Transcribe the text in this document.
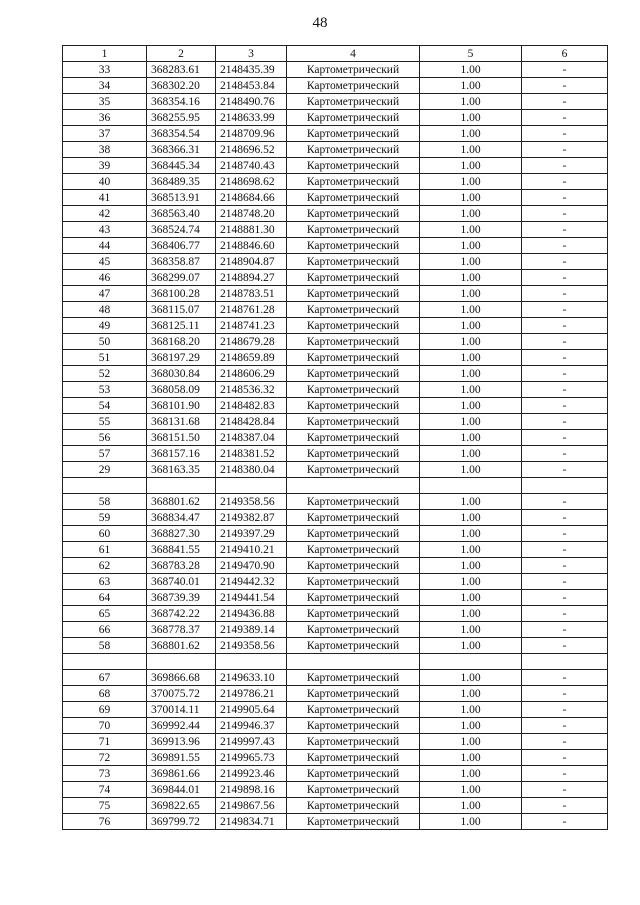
48
1	2	3	4	5	6
33	368283.61	2148435.39	Картометрический	1.00	-
34	368302.20	2148453.84	Картометрический	1.00	-
35	368354.16	2148490.76	Картометрический	1.00	-
36	368255.95	2148633.99	Картометрический	1.00	-
37	368354.54	2148709.96	Картометрический	1.00	-
38	368366.31	2148696.52	Картометрический	1.00	-
39	368445.34	2148740.43	Картометрический	1.00	-
40	368489.35	2148698.62	Картометрический	1.00	-
41	368513.91	2148684.66	Картометрический	1.00	-
42	368563.40	2148748.20	Картометрический	1.00	-
43	368524.74	2148881.30	Картометрический	1.00	-
44	368406.77	2148846.60	Картометрический	1.00	-
45	368358.87	2148904.87	Картометрический	1.00	-
46	368299.07	2148894.27	Картометрический	1.00	-
47	368100.28	2148783.51	Картометрический	1.00	-
48	368115.07	2148761.28	Картометрический	1.00	-
49	368125.11	2148741.23	Картометрический	1.00	-
50	368168.20	2148679.28	Картометрический	1.00	-
51	368197.29	2148659.89	Картометрический	1.00	-
52	368030.84	2148606.29	Картометрический	1.00	-
53	368058.09	2148536.32	Картометрический	1.00	-
54	368101.90	2148482.83	Картометрический	1.00	-
55	368131.68	2148428.84	Картометрический	1.00	-
56	368151.50	2148387.04	Картометрический	1.00	-
57	368157.16	2148381.52	Картометрический	1.00	-
29	368163.35	2148380.04	Картометрический	1.00	-

58	368801.62	2149358.56	Картометрический	1.00	-
59	368834.47	2149382.87	Картометрический	1.00	-
60	368827.30	2149397.29	Картометрический	1.00	-
61	368841.55	2149410.21	Картометрический	1.00	-
62	368783.28	2149470.90	Картометрический	1.00	-
63	368740.01	2149442.32	Картометрический	1.00	-
64	368739.39	2149441.54	Картометрический	1.00	-
65	368742.22	2149436.88	Картометрический	1.00	-
66	368778.37	2149389.14	Картометрический	1.00	-
58	368801.62	2149358.56	Картометрический	1.00	-

67	369866.68	2149633.10	Картометрический	1.00	-
68	370075.72	2149786.21	Картометрический	1.00	-
69	370014.11	2149905.64	Картометрический	1.00	-
70	369992.44	2149946.37	Картометрический	1.00	-
71	369913.96	2149997.43	Картометрический	1.00	-
72	369891.55	2149965.73	Картометрический	1.00	-
73	369861.66	2149923.46	Картометрический	1.00	-
74	369844.01	2149898.16	Картометрический	1.00	-
75	369822.65	2149867.56	Картометрический	1.00	-
76	369799.72	2149834.71	Картометрический	1.00	-
